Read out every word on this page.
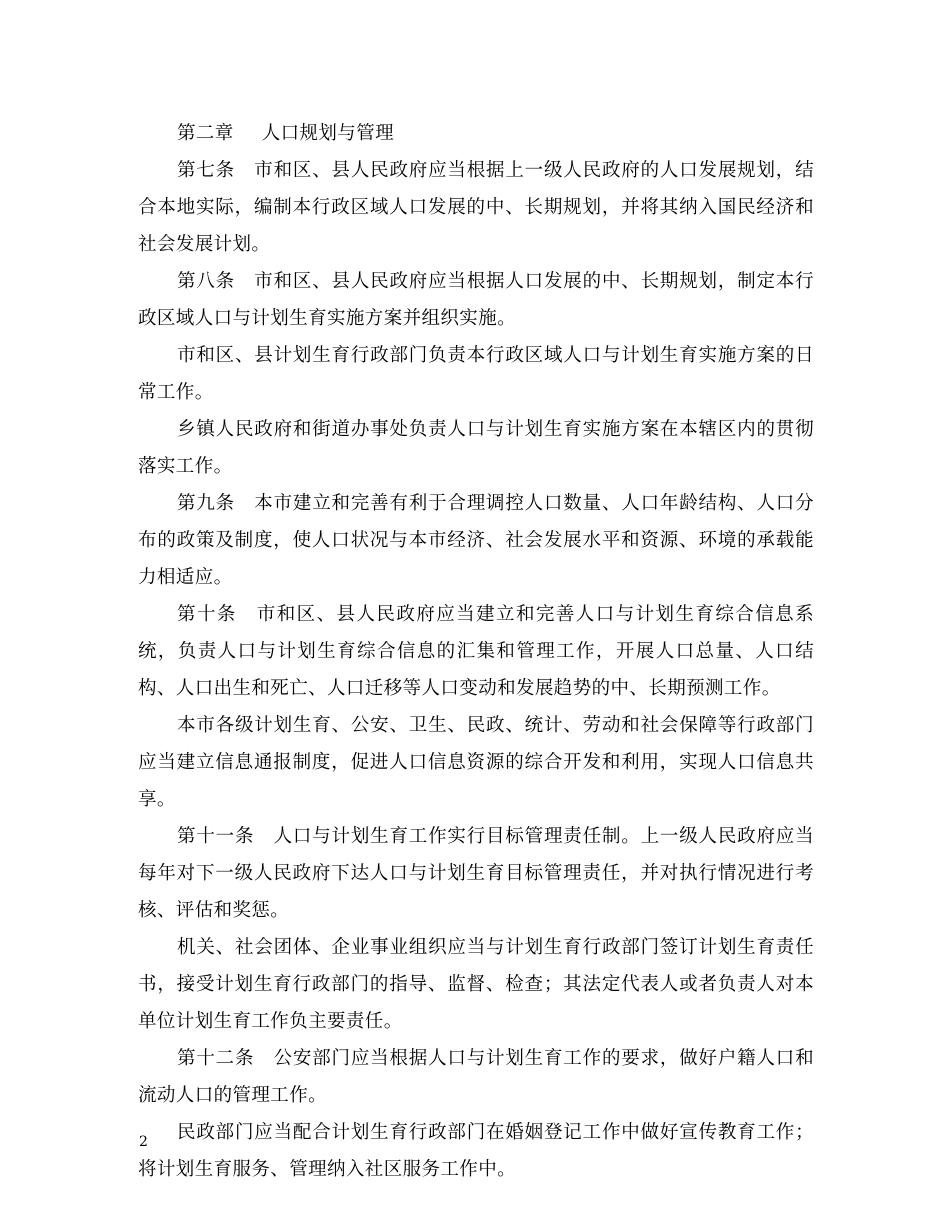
第二章 人口规划与管理

第七条　市和区、县人民政府应当根据上一级人民政府的人口发展规划，结合本地实际，编制本行政区域人口发展的中、长期规划，并将其纳入国民经济和社会发展计划。

第八条　市和区、县人民政府应当根据人口发展的中、长期规划，制定本行政区域人口与计划生育实施方案并组织实施。

市和区、县计划生育行政部门负责本行政区域人口与计划生育实施方案的日常工作。

乡镇人民政府和街道办事处负责人口与计划生育实施方案在本辖区内的贯彻落实工作。

第九条　本市建立和完善有利于合理调控人口数量、人口年龄结构、人口分布的政策及制度，使人口状况与本市经济、社会发展水平和资源、环境的承载能力相适应。

第十条　市和区、县人民政府应当建立和完善人口与计划生育综合信息系统，负责人口与计划生育综合信息的汇集和管理工作，开展人口总量、人口结构、人口出生和死亡、人口迁移等人口变动和发展趋势的中、长期预测工作。

本市各级计划生育、公安、卫生、民政、统计、劳动和社会保障等行政部门应当建立信息通报制度，促进人口信息资源的综合开发和利用，实现人口信息共享。

第十一条　人口与计划生育工作实行目标管理责任制。上一级人民政府应当每年对下一级人民政府下达人口与计划生育目标管理责任，并对执行情况进行考核、评估和奖惩。

机关、社会团体、企业事业组织应当与计划生育行政部门签订计划生育责任书，接受计划生育行政部门的指导、监督、检查；其法定代表人或者负责人对本单位计划生育工作负主要责任。

第十二条　公安部门应当根据人口与计划生育工作的要求，做好户籍人口和流动人口的管理工作。

民政部门应当配合计划生育行政部门在婚姻登记工作中做好宣传教育工作；将计划生育服务、管理纳入社区服务工作中。

2
